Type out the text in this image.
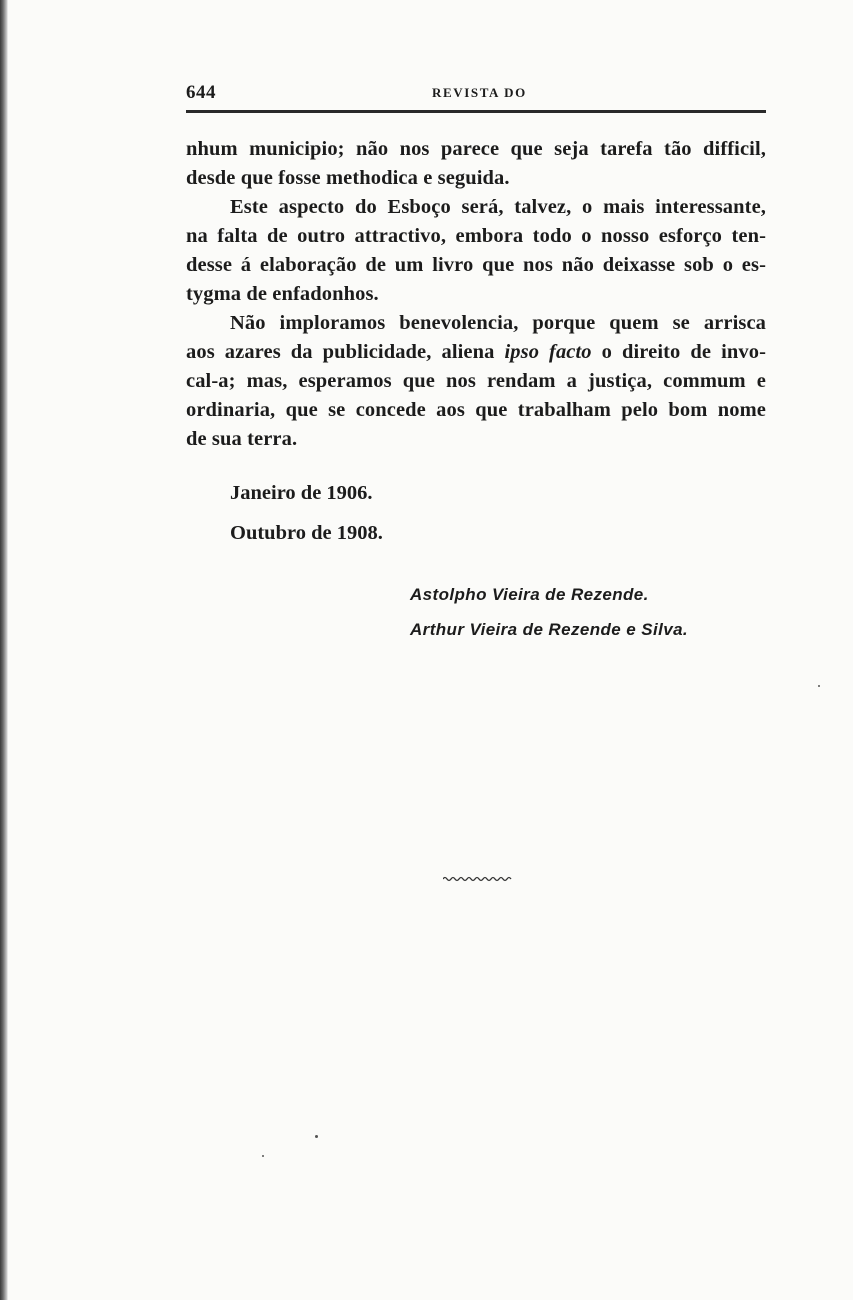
644	REVISTA DO
nhum municipio; não nos parece que seja tarefa tão difficil,
desde que fosse methodica e seguida.
Este aspecto do Esboço será, talvez, o mais interessante,
na falta de outro attractivo, embora todo o nosso esforço ten-
desse á elaboração de um livro que nos não deixasse sob o es-
tygma de enfadonhos.
Não imploramos benevolencia, porque quem se arrisca
aos azares da publicidade, aliena ipso facto o direito de invo-
cal-a; mas, esperamos que nos rendam a justiça, commum e
ordinaria, que se concede aos que trabalham pelo bom nome
de sua terra.
Janeiro de 1906.
Outubro de 1908.
Astolpho Vieira de Rezende.
Arthur Vieira de Rezende e Silva.
